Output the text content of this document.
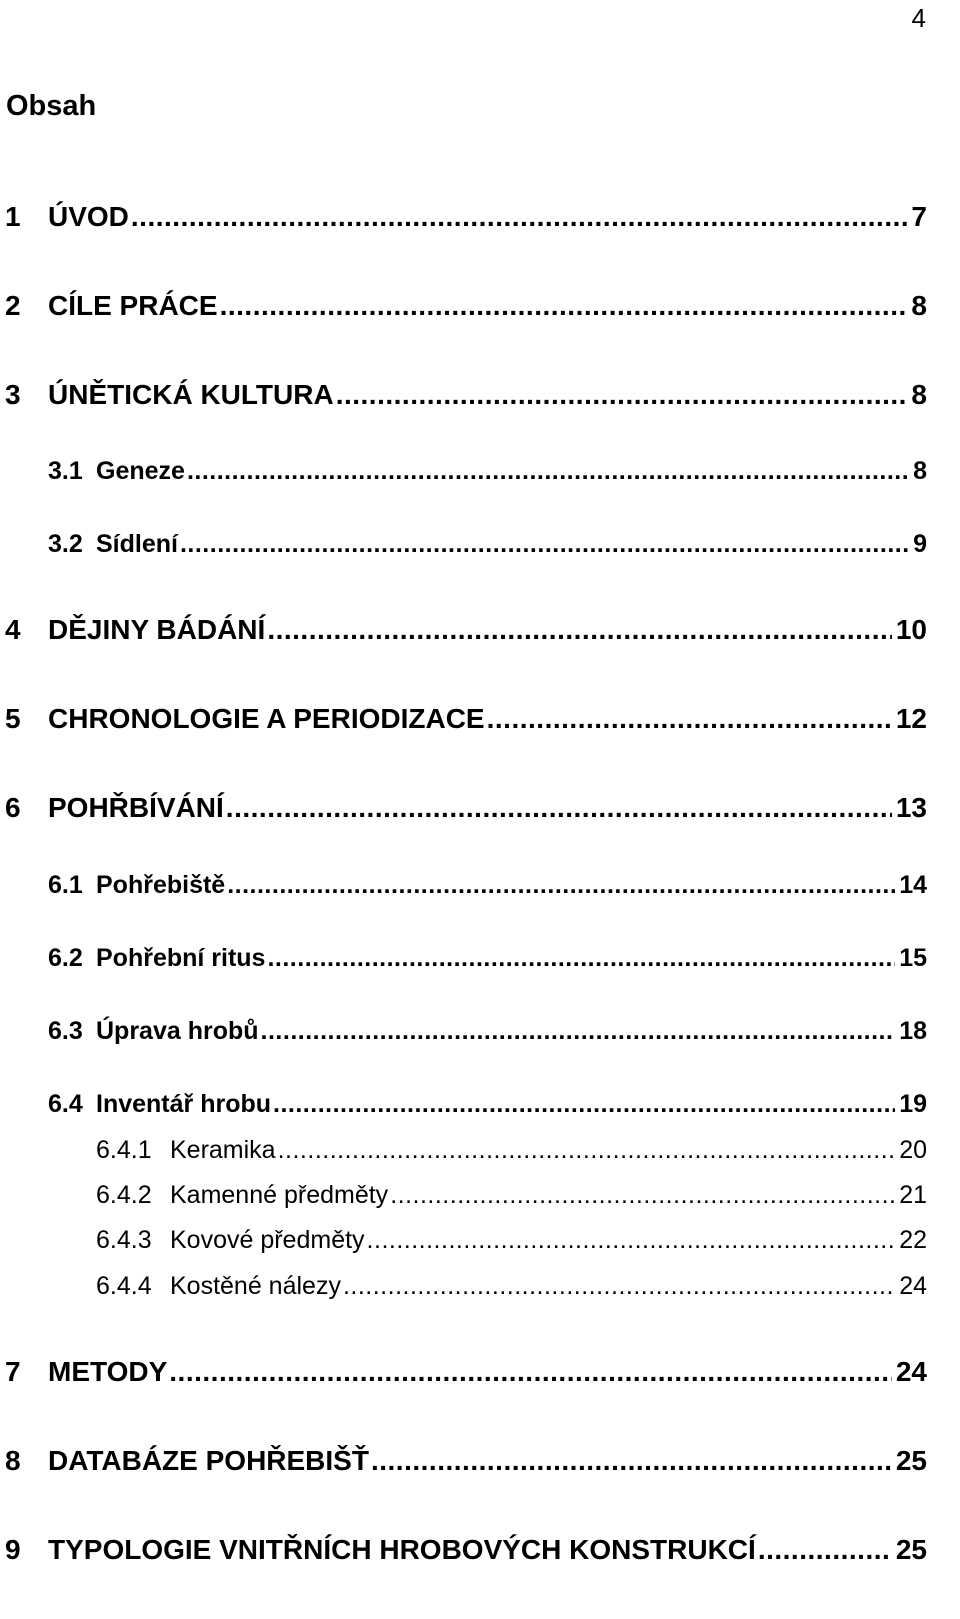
4
Obsah
1 ÚVOD .....	7
2 CÍLE PRÁCE .....	8
3 ÚNĚTICKÁ KULTURA .....	8
3.1 Geneze .....	8
3.2 Sídlení .....	9
4 DĚJINY BÁDÁNÍ .....	10
5 CHRONOLOGIE A PERIODIZACE .....	12
6 POHŘBÍVÁNÍ .....	13
6.1 Pohřebiště .....	14
6.2 Pohřební ritus .....	15
6.3 Úprava hrobů .....	18
6.4 Inventář hrobu .....	19
6.4.1 Keramika .....	20
6.4.2 Kamenné předměty .....	21
6.4.3 Kovové předměty .....	22
6.4.4 Kostěné nálezy .....	24
7 METODY .....	24
8 DATABÁZE POHŘEBIŠŤ .....	25
9 TYPOLOGIE VNITŘNÍCH HROBOVÝCH KONSTRUKCÍ .....	25
